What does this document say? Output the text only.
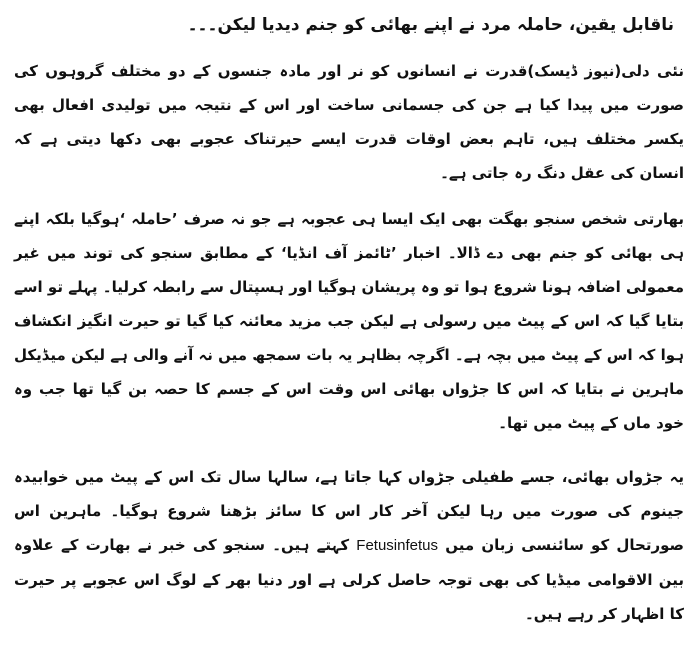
ناقابل یقین، حاملہ مرد نے اپنے بھائی کو جنم دیدیا لیکن۔۔۔

نئی دلی(نیوز ڈیسک)قدرت نے انسانوں کو نر اور مادہ جنسوں کے دو مختلف گروہوں کی صورت میں پیدا کیا ہے جن کی جسمانی ساخت اور اس کے نتیجہ میں تولیدی افعال بھی یکسر مختلف ہیں، تاہم بعض اوقات قدرت ایسے حیرتناک عجوبے بھی دکھا دیتی ہے کہ انسان کی عقل دنگ رہ جاتی ہے۔

بھارتی شخص سنجو بھگت بھی ایک ایسا ہی عجوبہ ہے جو نہ صرف ’حاملہ ‘ہوگیا بلکہ اپنے ہی بھائی کو جنم بھی دے ڈالا۔ اخبار ’ٹائمز آف انڈیا‘ کے مطابق سنجو کی توند میں غیر معمولی اضافہ ہونا شروع ہوا تو وہ پریشان ہوگیا اور ہسپتال سے رابطہ کرلیا۔ پہلے تو اسے بتایا گیا کہ اس کے پیٹ میں رسولی ہے لیکن جب مزید معائنہ کیا گیا تو حیرت انگیز انکشاف ہوا کہ اس کے پیٹ میں بچہ ہے۔ اگرچہ بظاہر یہ بات سمجھ میں نہ آنے والی ہے لیکن میڈیکل ماہرین نے بتایا کہ اس کا جڑواں بھائی اس وقت اس کے جسم کا حصہ بن گیا تھا جب وہ خود ماں کے پیٹ میں تھا۔

یہ جڑواں بھائی، جسے طفیلی جڑواں کہا جاتا ہے، سالہا سال تک اس کے پیٹ میں خوابیدہ جینوم کی صورت میں رہا لیکن آخر کار اس کا سائز بڑھنا شروع ہوگیا۔ ماہرین اس صورتحال کو سائنسی زبان میں Fetusinfetus کہتے ہیں۔ سنجو کی خبر نے بھارت کے علاوہ بین الاقوامی میڈیا کی بھی توجہ حاصل کرلی ہے اور دنیا بھر کے لوگ اس عجوبے پر حیرت کا اظہار کر رہے ہیں۔
